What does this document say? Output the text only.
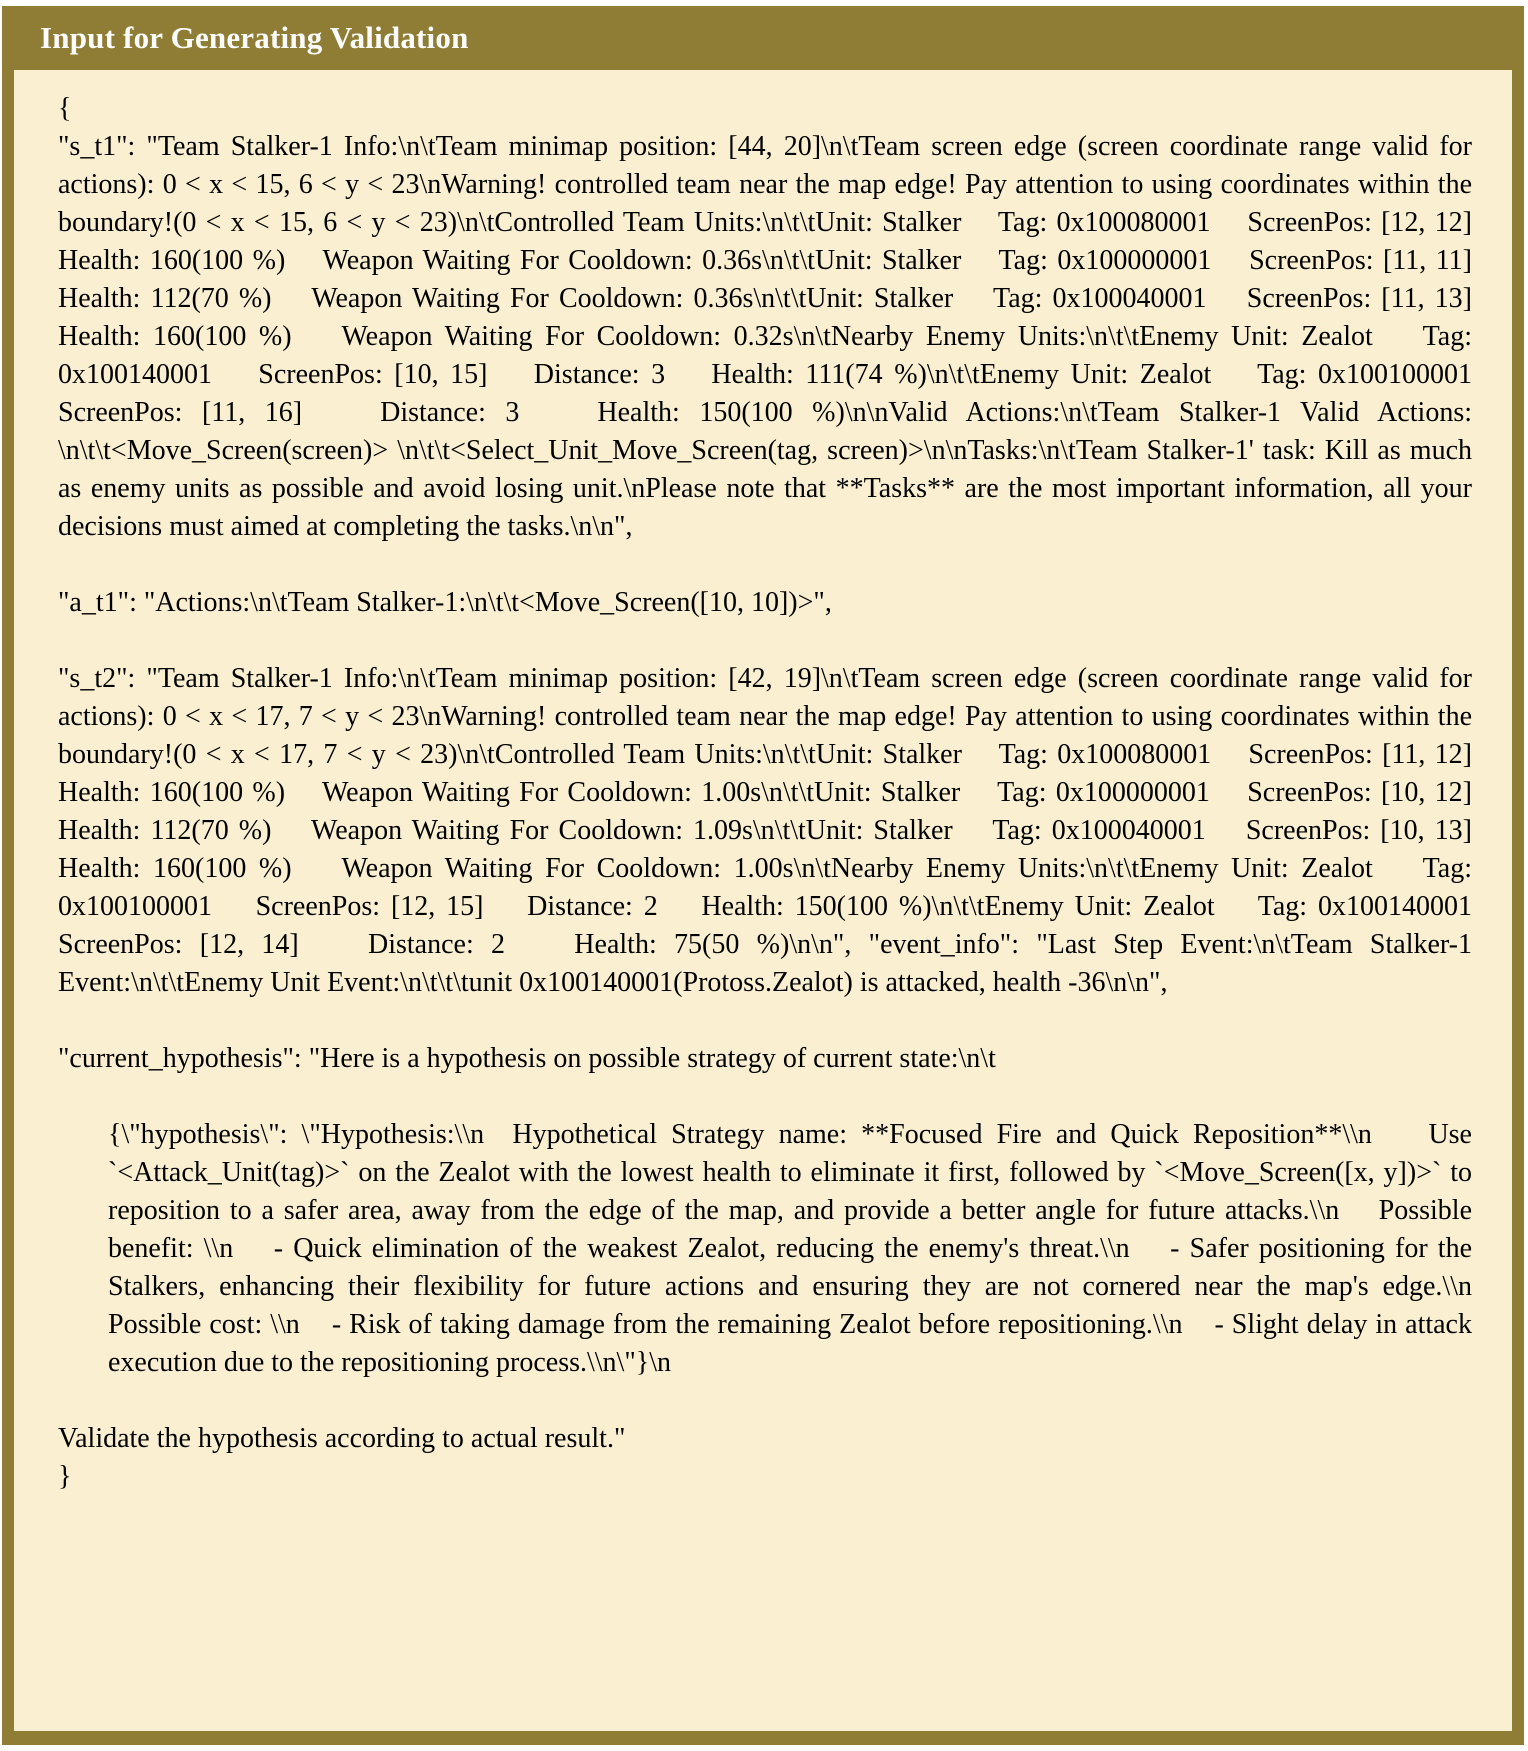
Input for Generating Validation

{

"s_t1": "Team Stalker-1 Info:\n\tTeam minimap position: [44, 20]\n\tTeam screen edge (screen coordinate range valid for actions): 0 < x < 15, 6 < y < 23\nWarning! controlled team near the map edge! Pay attention to using coordinates within the boundary!(0 < x < 15, 6 < y < 23)\n\tControlled Team Units:\n\t\tUnit: Stalker    Tag: 0x100080001    ScreenPos: [12, 12]    Health: 160(100 %)    Weapon Waiting For Cooldown: 0.36s\n\t\tUnit: Stalker    Tag: 0x100000001    ScreenPos: [11, 11]    Health: 112(70 %)    Weapon Waiting For Cooldown: 0.36s\n\t\tUnit: Stalker    Tag: 0x100040001    ScreenPos: [11, 13]    Health: 160(100 %)    Weapon Waiting For Cooldown: 0.32s\n\tNearby Enemy Units:\n\t\tEnemy Unit: Zealot    Tag: 0x100140001    ScreenPos: [10, 15]    Distance: 3    Health: 111(74 %)\n\t\tEnemy Unit: Zealot    Tag: 0x100100001    ScreenPos: [11, 16]    Distance: 3    Health: 150(100 %)\n\nValid Actions:\n\tTeam Stalker-1 Valid Actions: \n\t\t<Move_Screen(screen)> \n\t\t<Select_Unit_Move_Screen(tag, screen)>\n\nTasks:\n\tTeam Stalker-1' task: Kill as much as enemy units as possible and avoid losing unit.\nPlease note that **Tasks** are the most important information, all your decisions must aimed at completing the tasks.\n\n",

"a_t1": "Actions:\n\tTeam Stalker-1:\n\t\t<Move_Screen([10, 10])>",

"s_t2": "Team Stalker-1 Info:\n\tTeam minimap position: [42, 19]\n\tTeam screen edge (screen coordinate range valid for actions): 0 < x < 17, 7 < y < 23\nWarning! controlled team near the map edge! Pay attention to using coordinates within the boundary!(0 < x < 17, 7 < y < 23)\n\tControlled Team Units:\n\t\tUnit: Stalker    Tag: 0x100080001    ScreenPos: [11, 12]    Health: 160(100 %)    Weapon Waiting For Cooldown: 1.00s\n\t\tUnit: Stalker    Tag: 0x100000001    ScreenPos: [10, 12]    Health: 112(70 %)    Weapon Waiting For Cooldown: 1.09s\n\t\tUnit: Stalker    Tag: 0x100040001    ScreenPos: [10, 13]    Health: 160(100 %)    Weapon Waiting For Cooldown: 1.00s\n\tNearby Enemy Units:\n\t\tEnemy Unit: Zealot    Tag: 0x100100001    ScreenPos: [12, 15]    Distance: 2    Health: 150(100 %)\n\t\tEnemy Unit: Zealot    Tag: 0x100140001    ScreenPos: [12, 14]    Distance: 2    Health: 75(50 %)\n\n", "event_info": "Last Step Event:\n\tTeam Stalker-1 Event:\n\t\tEnemy Unit Event:\n\t\t\tunit 0x100140001(Protoss.Zealot) is attacked, health -36\n\n",

"current_hypothesis": "Here is a hypothesis on possible strategy of current state:\n\t

{\"hypothesis\": \"Hypothesis:\\n  Hypothetical Strategy name: **Focused Fire and Quick Reposition**\\n    Use `<Attack_Unit(tag)>` on the Zealot with the lowest health to eliminate it first, followed by `<Move_Screen([x, y])>` to reposition to a safer area, away from the edge of the map, and provide a better angle for future attacks.\\n    Possible benefit: \\n    - Quick elimination of the weakest Zealot, reducing the enemy's threat.\\n    - Safer positioning for the Stalkers, enhancing their flexibility for future actions and ensuring they are not cornered near the map's edge.\\n    Possible cost: \\n    - Risk of taking damage from the remaining Zealot before repositioning.\\n    - Slight delay in attack execution due to the repositioning process.\\n\"}\n

Validate the hypothesis according to actual result."

}
